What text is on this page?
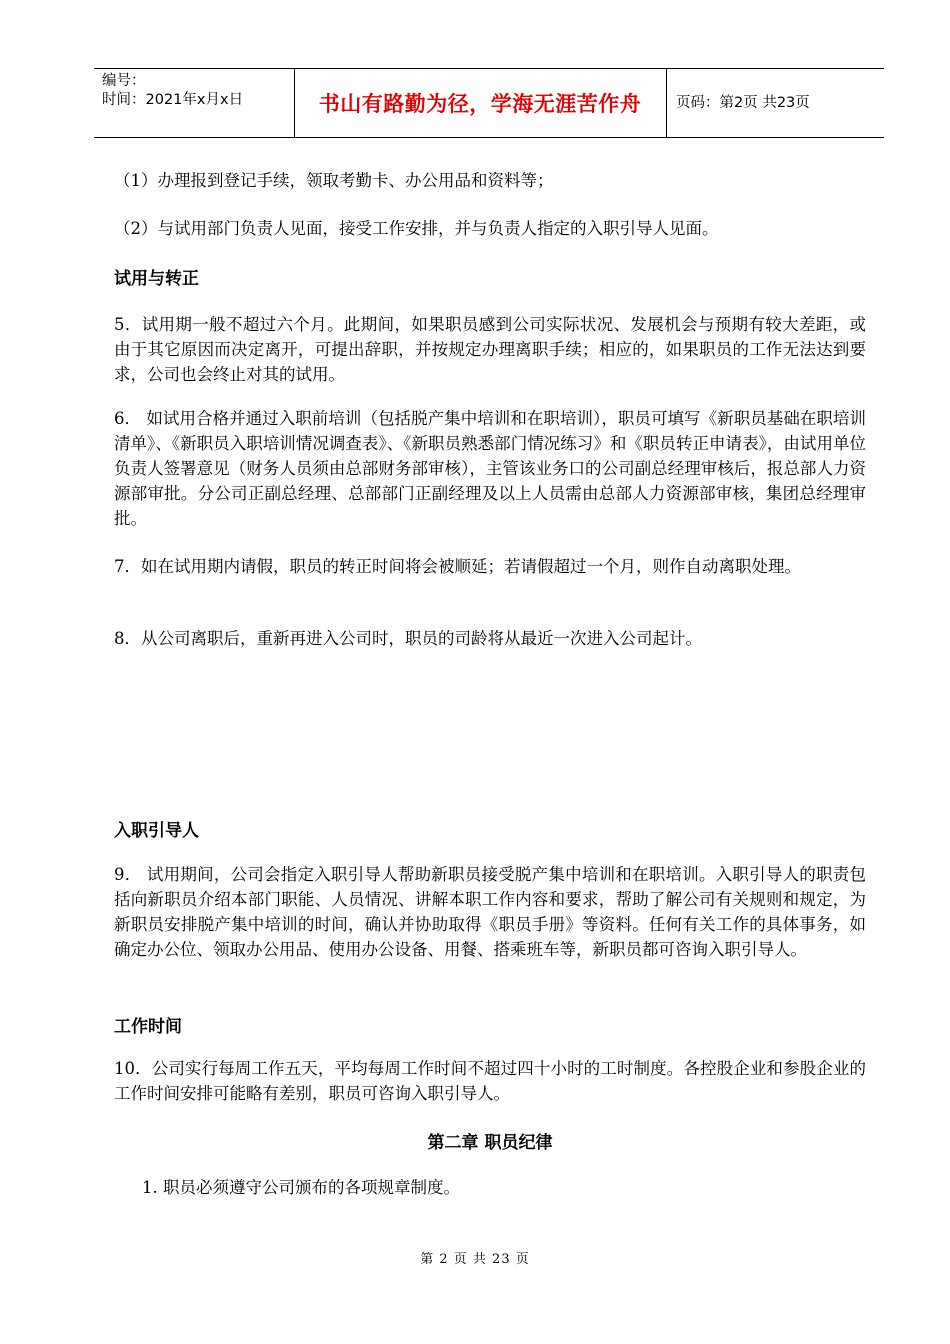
编号：
时间：2021年x月x日	书山有路勤为径，学海无涯苦作舟 页码：第2页 共23页

（1）办理报到登记手续，领取考勤卡、办公用品和资料等；

（2）与试用部门负责人见面，接受工作安排，并与负责人指定的入职引导人见面。

试用与转正

5．试用期一般不超过六个月。此期间，如果职员感到公司实际状况、发展机会与预期有较大差距，或由于其它原因而决定离开，可提出辞职，并按规定办理离职手续；相应的，如果职员的工作无法达到要求，公司也会终止对其的试用。

6． 如试用合格并通过入职前培训（包括脱产集中培训和在职培训），职员可填写《新职员基础在职培训清单》、《新职员入职培训情况调查表》、《新职员熟悉部门情况练习》和《职员转正申请表》，由试用单位负责人签署意见（财务人员须由总部财务部审核），主管该业务口的公司副总经理审核后，报总部人力资源部审批。分公司正副总经理、总部部门正副经理及以上人员需由总部人力资源部审核，集团总经理审批。

7．如在试用期内请假，职员的转正时间将会被顺延；若请假超过一个月，则作自动离职处理。

8．从公司离职后，重新再进入公司时，职员的司龄将从最近一次进入公司起计。

入职引导人

9． 试用期间，公司会指定入职引导人帮助新职员接受脱产集中培训和在职培训。入职引导人的职责包括向新职员介绍本部门职能、人员情况、讲解本职工作内容和要求，帮助了解公司有关规则和规定，为新职员安排脱产集中培训的时间，确认并协助取得《职员手册》等资料。任何有关工作的具体事务，如确定办公位、领取办公用品、使用办公设备、用餐、搭乘班车等，新职员都可咨询入职引导人。

工作时间

10．公司实行每周工作五天，平均每周工作时间不超过四十小时的工时制度。各控股企业和参股企业的工作时间安排可能略有差别，职员可咨询入职引导人。

第二章 职员纪律

1. 职员必须遵守公司颁布的各项规章制度。

第 2 页 共 23 页
